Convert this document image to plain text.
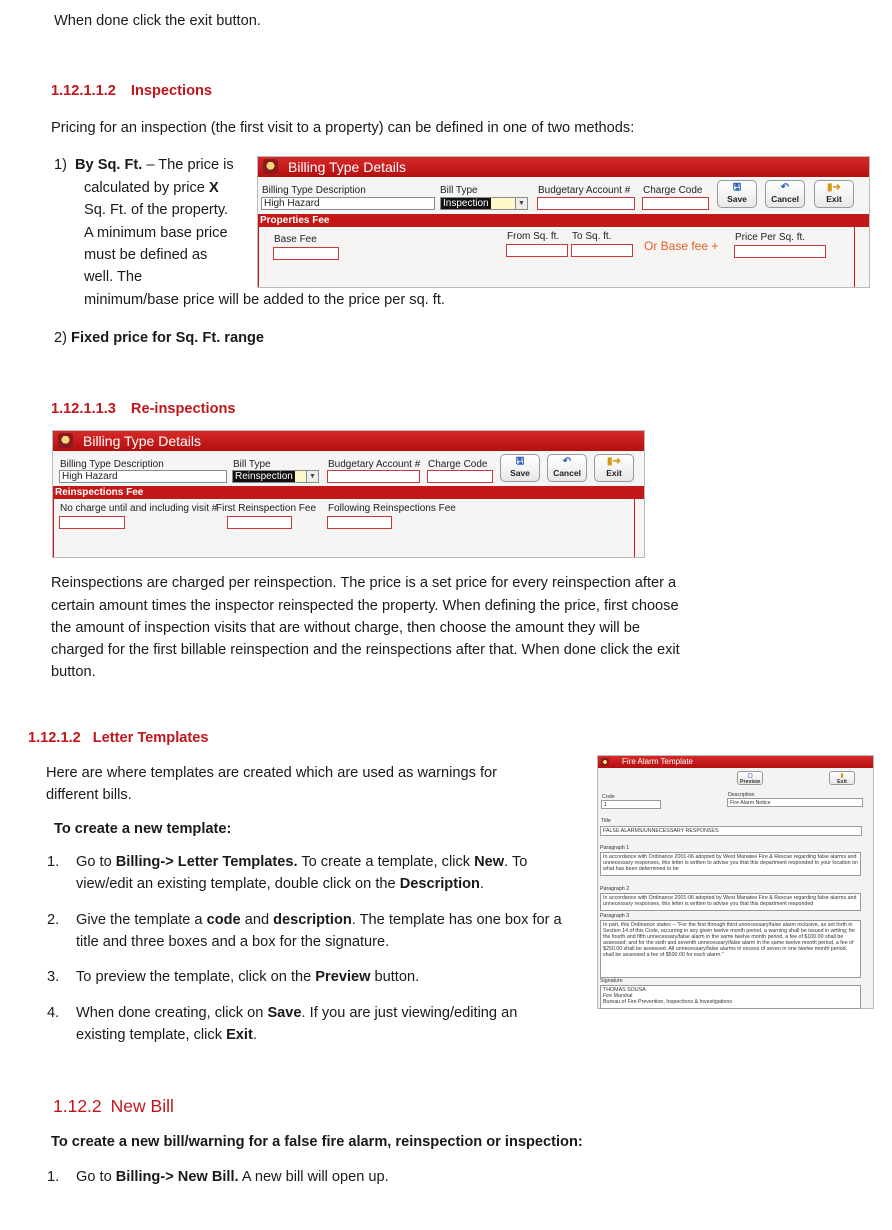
When done click the exit button.
1.12.1.1.2 Inspections
Pricing for an inspection (the first visit to a property) can be defined in one of two methods:
1) By Sq. Ft. – The price is
calculated by price X
Sq. Ft. of the property.
A minimum base price
must be defined as
well. The
minimum/base price will be added to the price per sq. ft.
2) Fixed price for Sq. Ft. range
Billing Type Details
Billing Type Description
High Hazard
Bill Type
Inspection	▼
Budgetary Account # Charge Code	🖫
Save
↶
Cancel
▮➜
Exit
Properties Fee
Base Fee	From Sq. ft. To Sq. ft.
Or Base fee +
Price Per Sq. ft.
1.12.1.1.3 Re-inspections
Billing Type Details
Billing Type Description
High Hazard
Bill Type
Reinspection	▼
Budgetary Account # Charge Code	🖫
Save
↶
Cancel
▮➜
Exit
Reinspections Fee
No charge until and including visit #
First Reinspection Fee Following Reinspections Fee
Reinspections are charged per reinspection. The price is a set price for every reinspection after a
certain amount times the inspector reinspected the property. When defining the price, first choose
the amount of inspection visits that are without charge, then choose the amount they will be
charged for the first billable reinspection and the reinspections after that. When done click the exit
button.
1.12.1.2 Letter Templates
Here are where templates are created which are used as warnings for
different bills.
To create a new template:
1. Go to Billing-> Letter Templates. To create a template, click New. To
view/edit an existing template, double click on the Description.
2. Give the template a code and description. The template has one box for a
title and three boxes and a box for the signature.
3. To preview the template, click on the Preview button.
4. When done creating, click on Save. If you are just viewing/editing an
existing template, click Exit.
Fire Alarm Template
▢
Preview
▮
Exit
Code
1
Description
Fire Alarm Notice
Title
FALSE ALARMS/UNNECESSARY RESPONSES
Paragraph 1
In accordance with Ordinance 2001-06 adopted by West Manatee Fire & Rescue regarding false alarms and unnecessary responses, this letter is written to advise you that this department responded to your location on what has been determined to be
Paragraph 2
In accordance with Ordinance 2001-06 adopted by West Manatee Fire & Rescue regarding false alarms and unnecessary responses, this letter is written to advise you that this department responded
Paragraph 3
In part, this Ordinance states -- "For the first through third unnecessary/false alarm inclusive, as set forth in Section 14 of this Code, occurring in any given twelve month period, a warning shall be issued in writing; for the fourth and fifth unnecessary/false alarm in the same twelve month period, a fee of $100.00 shall be assessed; and for the sixth and seventh unnecessary/false alarm in the same twelve month period, a fee of $250.00 shall be assessed. All unnecessary/false alarms in excess of seven in one twelve month period, shall be assessed a fee of $500.00 for each alarm."
Signature
THOMAS SOUSA
Fire Marshal
Bureau of Fire Prevention, Inspections & Investigations
1.12.2 New Bill
To create a new bill/warning for a false fire alarm, reinspection or inspection:
1. Go to Billing-> New Bill. A new bill will open up.
